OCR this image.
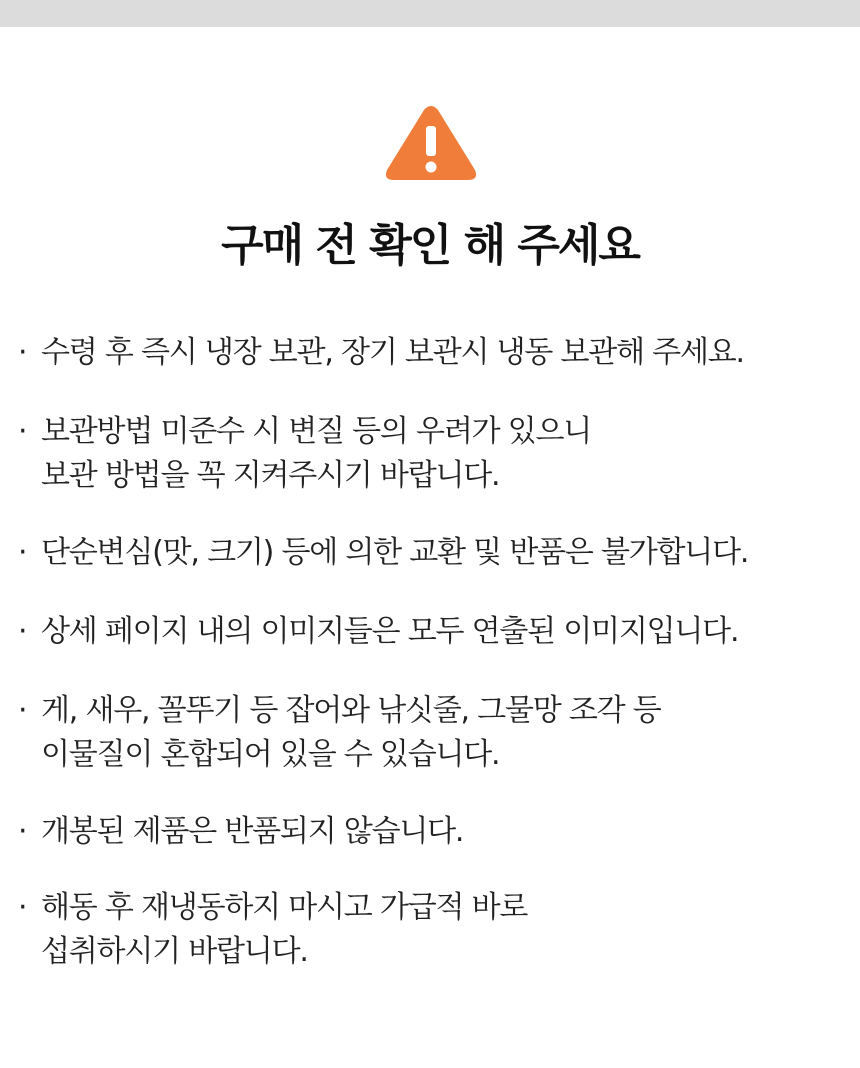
구매 전 확인 해 주세요
· 수령 후 즉시 냉장 보관, 장기 보관시 냉동 보관해 주세요.
· 보관방법 미준수 시 변질 등의 우려가 있으니
보관 방법을 꼭 지켜주시기 바랍니다.
· 단순변심(맛, 크기) 등에 의한 교환 및 반품은 불가합니다.
· 상세 페이지 내의 이미지들은 모두 연출된 이미지입니다.
· 게, 새우, 꼴뚜기 등 잡어와 낚싯줄, 그물망 조각 등
이물질이 혼합되어 있을 수 있습니다.
· 개봉된 제품은 반품되지 않습니다.
· 해동 후 재냉동하지 마시고 가급적 바로
섭취하시기 바랍니다.
